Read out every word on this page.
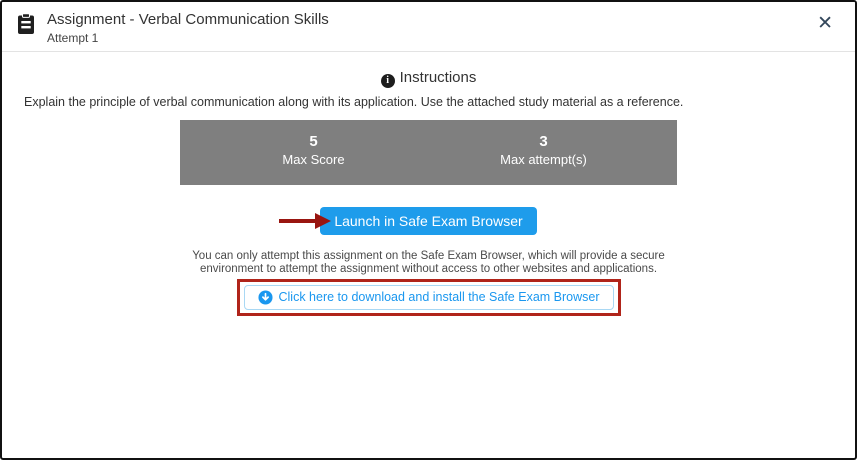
Assignment - Verbal Communication Skills
Attempt 1
✕
i Instructions
Explain the principle of verbal communication along with its application. Use the attached study material as a reference.
5
Max Score
3
Max attempt(s)
Launch in Safe Exam Browser
You can only attempt this assignment on the Safe Exam Browser, which will provide a secure environment to attempt the assignment without access to other websites and applications.
Click here to download and install the Safe Exam Browser
